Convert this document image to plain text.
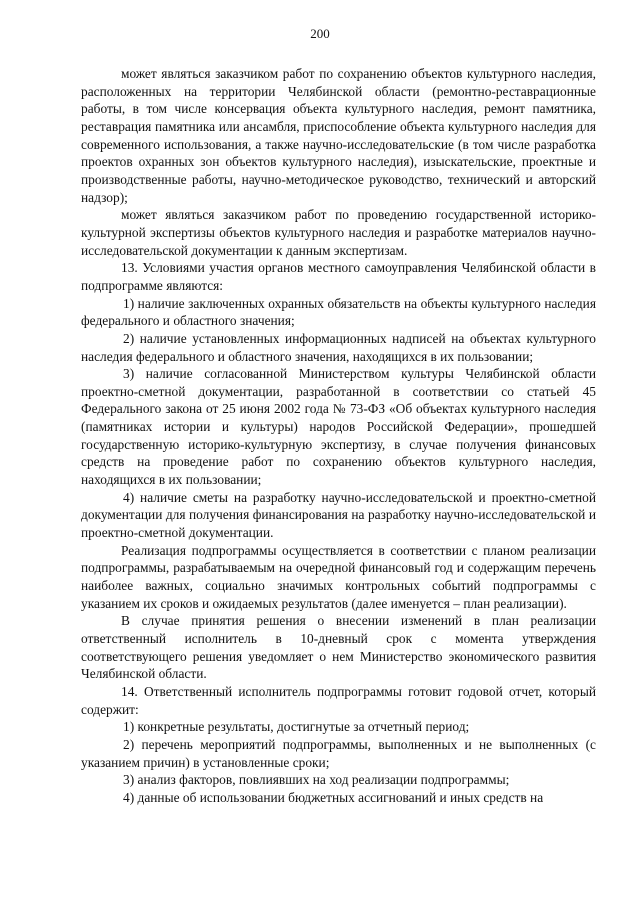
200

может являться заказчиком работ по сохранению объектов культурного наследия, расположенных на территории Челябинской области (ремонтно-реставрационные работы, в том числе консервация объекта культурного наследия, ремонт памятника, реставрация памятника или ансамбля, приспособление объекта культурного наследия для современного использования, а также научно-исследовательские (в том числе разработка проектов охранных зон объектов культурного наследия), изыскательские, проектные и производственные работы, научно-методическое руководство, технический и авторский надзор);

может являться заказчиком работ по проведению государственной историко-культурной экспертизы объектов культурного наследия и разработке материалов научно-исследовательской документации к данным экспертизам.

13. Условиями участия органов местного самоуправления Челябинской области в подпрограмме являются:

1) наличие заключенных охранных обязательств на объекты культурного наследия федерального и областного значения;

2) наличие установленных информационных надписей на объектах культурного наследия федерального и областного значения, находящихся в их пользовании;

3) наличие согласованной Министерством культуры Челябинской области проектно-сметной документации, разработанной в соответствии со статьей 45 Федерального закона от 25 июня 2002 года № 73-ФЗ «Об объектах культурного наследия (памятниках истории и культуры) народов Российской Федерации», прошедшей государственную историко-культурную экспертизу, в случае получения финансовых средств на проведение работ по сохранению объектов культурного наследия, находящихся в их пользовании;

4) наличие сметы на разработку научно-исследовательской и проектно-сметной документации для получения финансирования на разработку научно-исследовательской и проектно-сметной документации.

Реализация подпрограммы осуществляется в соответствии с планом реализации подпрограммы, разрабатываемым на очередной финансовый год и содержащим перечень наиболее важных, социально значимых контрольных событий подпрограммы с указанием их сроков и ожидаемых результатов (далее именуется – план реализации).

В случае принятия решения о внесении изменений в план реализации ответственный исполнитель в 10-дневный срок с момента утверждения соответствующего решения уведомляет о нем Министерство экономического развития Челябинской области.

14. Ответственный исполнитель подпрограммы готовит годовой отчет, который содержит:

1) конкретные результаты, достигнутые за отчетный период;

2) перечень мероприятий подпрограммы, выполненных и не выполненных (с указанием причин) в установленные сроки;

3) анализ факторов, повлиявших на ход реализации подпрограммы;

4) данные об использовании бюджетных ассигнований и иных средств на
